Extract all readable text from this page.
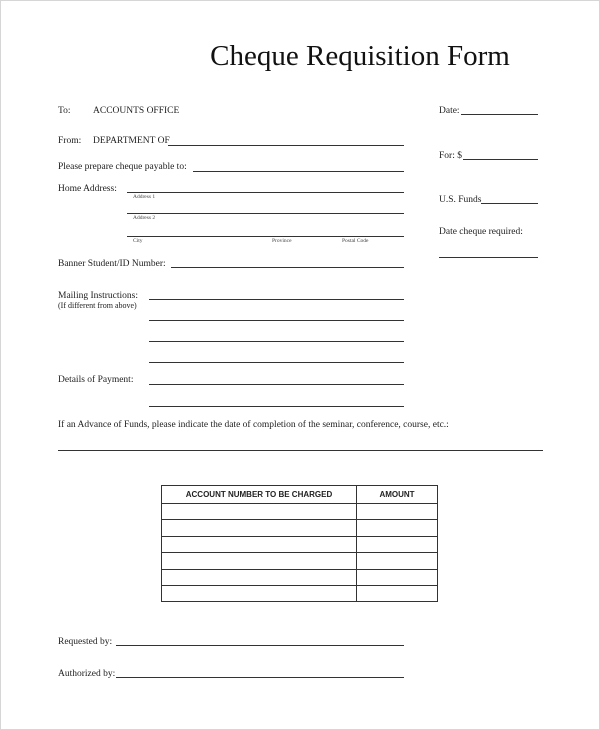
Cheque Requisition Form
To: ACCOUNTS OFFICE
From: DEPARTMENT OF
Please prepare cheque payable to:
Home Address:
Address 1
Address 2
City	Province	Postal Code
Banner Student/ID Number:
Mailing Instructions:
(If different from above)
Details of Payment:
If an Advance of Funds, please indicate the date of completion of the seminar, conference, course, etc.:
Date:
For: $
U.S. Funds
Date cheque required:
ACCOUNT NUMBER TO BE CHARGED	AMOUNT

Requested by:
Authorized by:
